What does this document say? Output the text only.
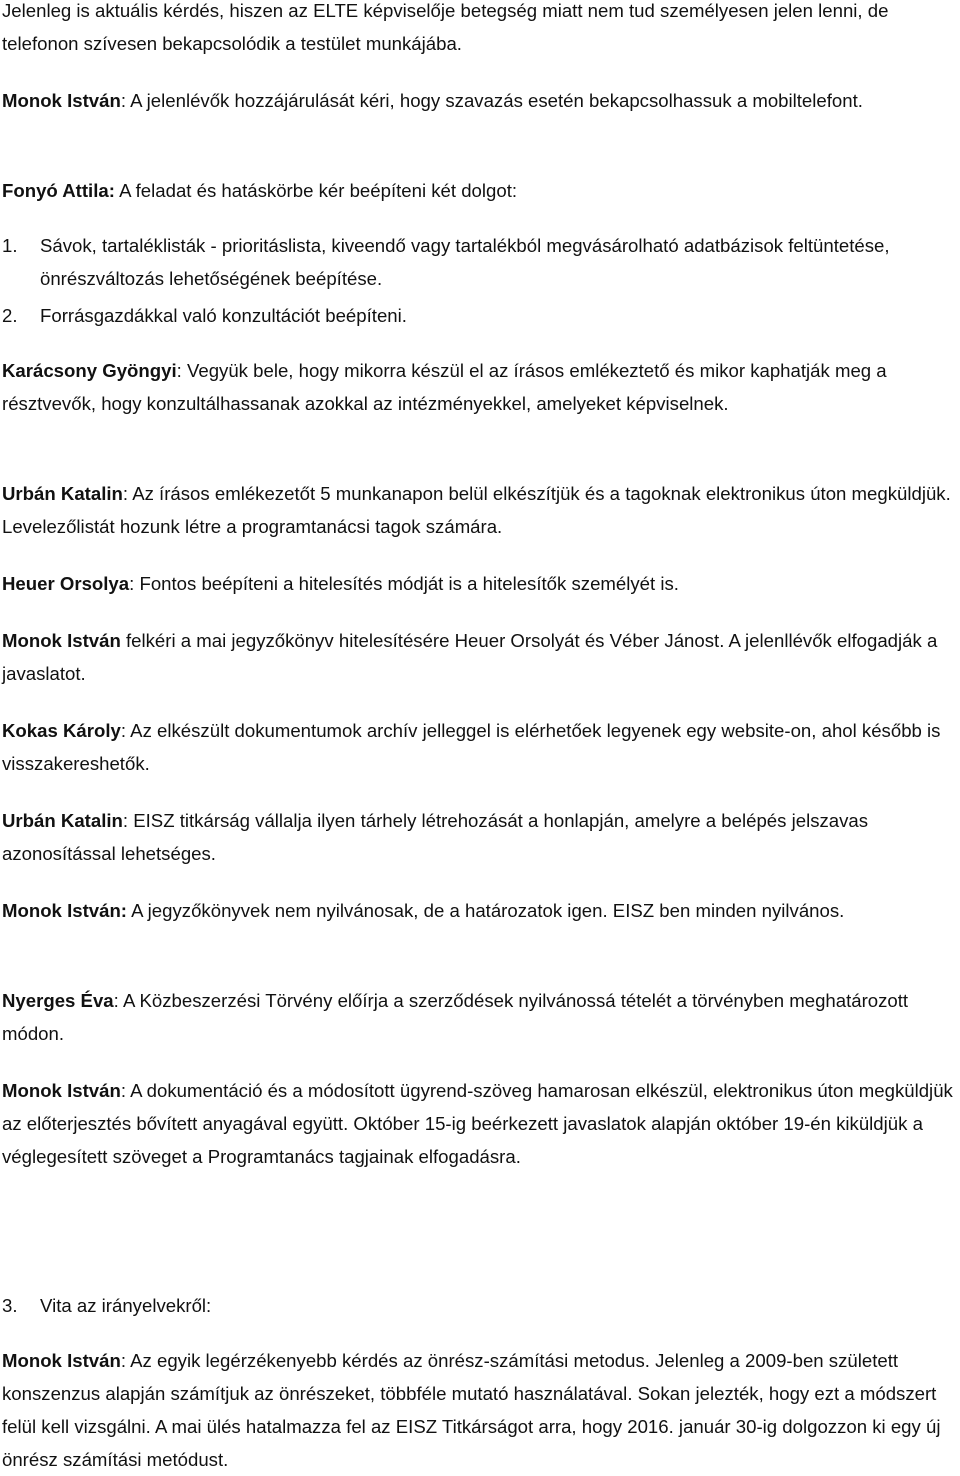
Jelenleg is aktuális kérdés, hiszen az ELTE képviselője betegség miatt nem tud személyesen jelen lenni, de telefonon szívesen bekapcsolódik a testület munkájába.

Monok István: A jelenlévők hozzájárulását kéri, hogy szavazás esetén bekapcsolhassuk a mobiltelefont.

Fonyó Attila: A feladat és hatáskörbe kér beépíteni két dolgot:

1.	Sávok, tartaléklisták - prioritáslista, kiveendő vagy tartalékból megvásárolható adatbázisok feltüntetése, önrészváltozás lehetőségének beépítése.
2.	Forrásgazdákkal való konzultációt beépíteni.

Karácsony Gyöngyi: Vegyük bele, hogy mikorra készül el az írásos emlékeztető és mikor kaphatják meg a résztvevők, hogy konzultálhassanak azokkal az intézményekkel, amelyeket képviselnek.

Urbán Katalin: Az írásos emlékezetőt 5 munkanapon belül elkészítjük és a tagoknak elektronikus úton megküldjük. Levelezőlistát hozunk létre a programtanácsi tagok számára.

Heuer Orsolya: Fontos beépíteni a hitelesítés módját is a hitelesítők személyét is.

Monok István felkéri a mai jegyzőkönyv hitelesítésére Heuer Orsolyát és Véber Jánost. A jelenllévők elfogadják a javaslatot.

Kokas Károly: Az elkészült dokumentumok archív jelleggel is elérhetőek legyenek egy website-on, ahol később is visszakereshetők.

Urbán Katalin: EISZ titkárság vállalja ilyen tárhely létrehozását a honlapján, amelyre a belépés jelszavas azonosítással lehetséges.

Monok István: A jegyzőkönyvek nem nyilvánosak, de a határozatok igen. EISZ ben minden nyilvános.

Nyerges Éva: A Közbeszerzési Törvény előírja a szerződések nyilvánossá tételét a törvényben meghatározott módon.

Monok István: A dokumentáció és a módosított ügyrend-szöveg hamarosan elkészül, elektronikus úton megküldjük az előterjesztés bővített anyagával együtt. Október 15-ig beérkezett javaslatok alapján október 19-én kiküldjük a véglegesített szöveget a Programtanács tagjainak elfogadásra.

3.	Vita az irányelvekről:

Monok István: Az egyik legérzékenyebb kérdés az önrész-számítási metodus. Jelenleg a 2009-ben született konszenzus alapján számítjuk az önrészeket, többféle mutató használatával. Sokan jelezték, hogy ezt a módszert felül kell vizsgálni. A mai ülés hatalmazza fel az EISZ Titkárságot arra, hogy 2016. január 30-ig dolgozzon ki egy új önrész számítási metódust.
